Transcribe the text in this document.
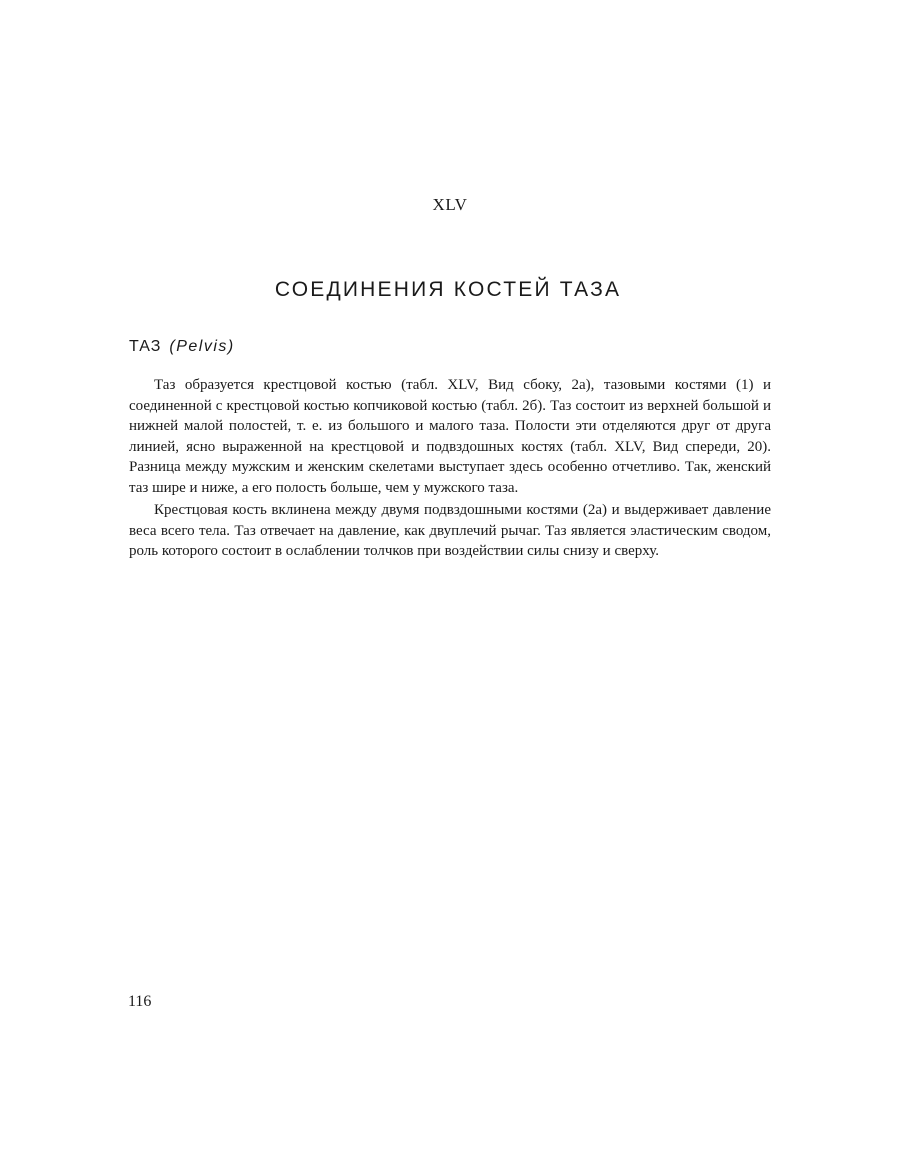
XLV
СОЕДИНЕНИЯ КОСТЕЙ ТАЗА
ТАЗ (Pelvis)

Таз образуется крестцовой костью (табл. XLV, Вид сбоку, 2а), тазовыми костями (1) и соединенной с крестцовой костью копчиковой костью (табл. 2б). Таз состоит из верхней большой и нижней малой полостей, т. е. из большого и малого таза. Полости эти отделяются друг от друга линией, ясно выраженной на крестцовой и подвздошных костях (табл. XLV, Вид спереди, 20). Разница между мужским и женским скелетами выступает здесь особенно отчетливо. Так, женский таз шире и ниже, а его полость больше, чем у мужского таза.

Крестцовая кость вклинена между двумя подвздошными костями (2а) и выдерживает давление веса всего тела. Таз отвечает на давление, как двуплечий рычаг. Таз является эластическим сводом, роль которого состоит в ослаблении толчков при воздействии силы снизу и сверху.

116
